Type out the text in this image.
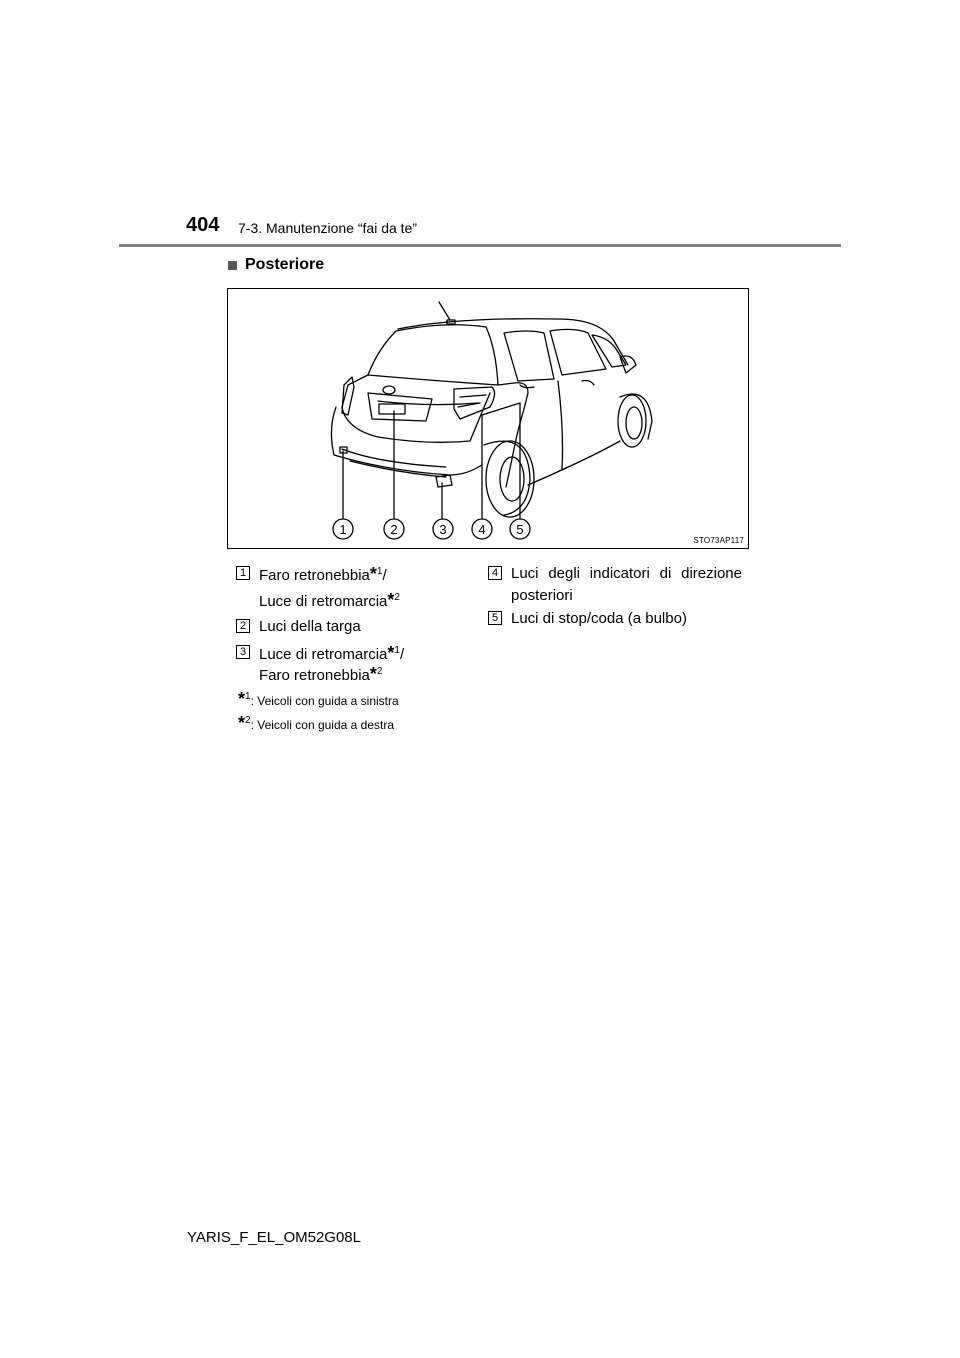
404 7-3. Manutenzione “fai da te”
Posteriore
1	2	3 4 5
STO73AP117
1 Faro retronebbia*$^1$/
Luce di retromarcia*$^2$
2 Luci della targa
3 Luce di retromarcia*$^1$/
Faro retronebbia*$^2$
4 Luci degli indicatori di direzione
posteriori
5 Luci di stop/coda (a bulbo)
*$^1$: Veicoli con guida a sinistra
*$^2$: Veicoli con guida a destra
YARIS_F_EL_OM52G08L
